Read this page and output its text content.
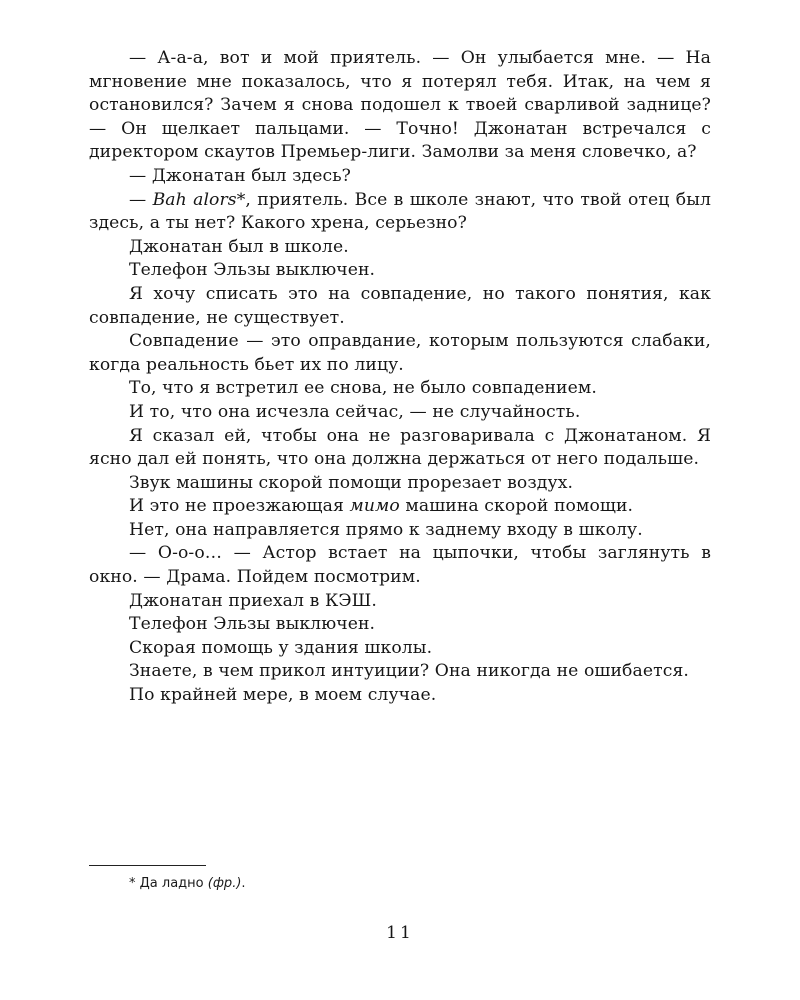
— А-а-а, вот и мой приятель. — Он улыбается мне. — На мгновение мне показалось, что я потерял тебя. Итак, на чем я остановился? Зачем я снова подошел к твоей сварливой заднице? — Он щелкает пальцами. — Точно! Джонатан встречался с директором скаутов Премьер-лиги. Замолви за меня словечко, а?

— Джонатан был здесь?

— Bah alors*, приятель. Все в школе знают, что твой отец был здесь, а ты нет? Какого хрена, серьезно?

Джонатан был в школе.

Телефон Эльзы выключен.

Я хочу списать это на совпадение, но такого понятия, как совпадение, не существует.

Совпадение — это оправдание, которым пользуются слабаки, когда реальность бьет их по лицу.

То, что я встретил ее снова, не было совпадением.

И то, что она исчезла сейчас, — не случайность.

Я сказал ей, чтобы она не разговаривала с Джонатаном. Я ясно дал ей понять, что она должна держаться от него подальше.

Звук машины скорой помощи прорезает воздух.

И это не проезжающая мимо машина скорой помощи.

Нет, она направляется прямо к заднему входу в школу.

— О-о-о… — Астор встает на цыпочки, чтобы заглянуть в окно. — Драма. Пойдем посмотрим.

Джонатан приехал в КЭШ.

Телефон Эльзы выключен.

Скорая помощь у здания школы.

Знаете, в чем прикол интуиции? Она никогда не ошибается.

По крайней мере, в моем случае.

* Да ладно (фр.).
11
